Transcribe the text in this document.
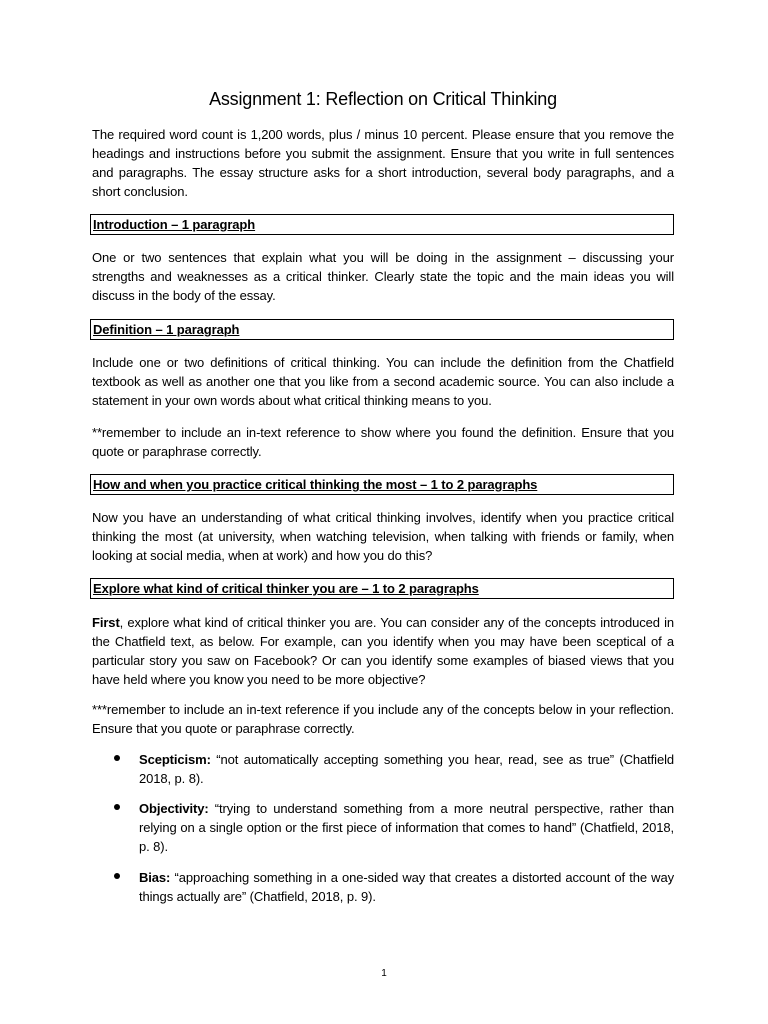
Assignment 1: Reflection on Critical Thinking

The required word count is 1,200 words, plus / minus 10 percent. Please ensure that you remove the headings and instructions before you submit the assignment. Ensure that you write in full sentences and paragraphs. The essay structure asks for a short introduction, several body paragraphs, and a short conclusion.

Introduction – 1 paragraph

One or two sentences that explain what you will be doing in the assignment – discussing your strengths and weaknesses as a critical thinker. Clearly state the topic and the main ideas you will discuss in the body of the essay.

Definition – 1 paragraph

Include one or two definitions of critical thinking. You can include the definition from the Chatfield textbook as well as another one that you like from a second academic source. You can also include a statement in your own words about what critical thinking means to you.

**remember to include an in-text reference to show where you found the definition. Ensure that you quote or paraphrase correctly.

How and when you practice critical thinking the most – 1 to 2 paragraphs

Now you have an understanding of what critical thinking involves, identify when you practice critical thinking the most (at university, when watching television, when talking with friends or family, when looking at social media, when at work) and how you do this?

Explore what kind of critical thinker you are – 1 to 2 paragraphs

First, explore what kind of critical thinker you are. You can consider any of the concepts introduced in the Chatfield text, as below. For example, can you identify when you may have been sceptical of a particular story you saw on Facebook? Or can you identify some examples of biased views that you have held where you know you need to be more objective?

***remember to include an in-text reference if you include any of the concepts below in your reflection. Ensure that you quote or paraphrase correctly.

Scepticism: “not automatically accepting something you hear, read, see as true” (Chatfield 2018, p. 8).

Objectivity: “trying to understand something from a more neutral perspective, rather than relying on a single option or the first piece of information that comes to hand” (Chatfield, 2018, p. 8).

Bias: “approaching something in a one-sided way that creates a distorted account of the way things actually are” (Chatfield, 2018, p. 9).

1
